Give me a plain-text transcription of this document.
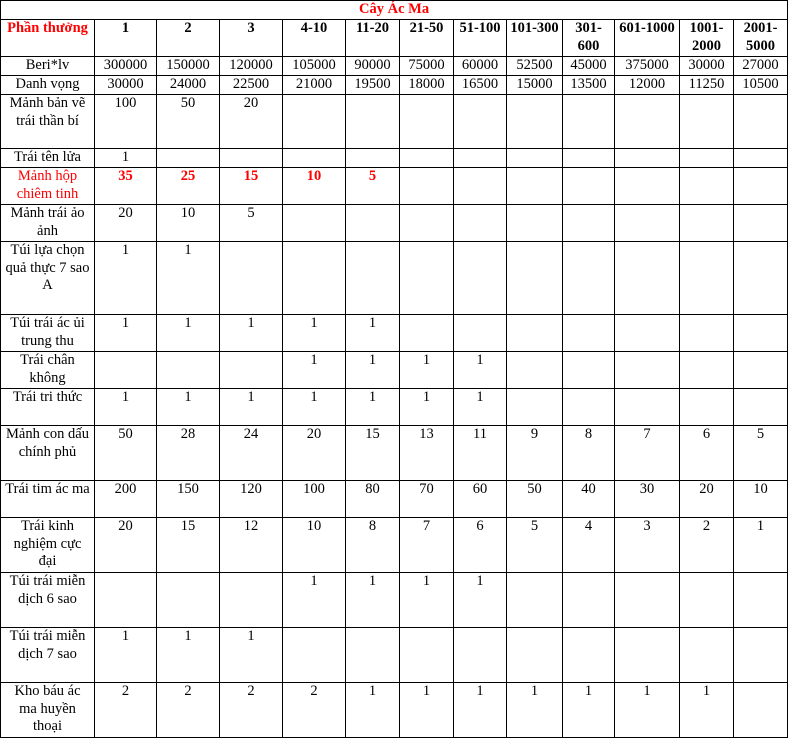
Cây Ác Ma												
Phần thưởng	1	2	3	4-10	11-20	21-50	51-100	101-300	301-600	601-1000	1001-2000	2001-5000
Beri*lv	300000	150000	120000	105000	90000	75000	60000	52500	45000	375000	30000	27000
Danh vọng	30000	24000	22500	21000	19500	18000	16500	15000	13500	12000	11250	10500
Mảnh bản vẽ trái thần bí	100	50	20									
Trái tên lửa	1											
Mảnh hộp chiêm tinh	35	25	15	10	5							
Mảnh trái ảo ảnh	20	10	5									
Túi lựa chọn quả thực 7 sao A	1	1										
Túi trái ác ủi trung thu	1	1	1	1	1							
Trái chân không				1	1	1	1					
Trái tri thức	1	1	1	1	1	1	1					
Mảnh con dấu chính phủ	50	28	24	20	15	13	11	9	8	7	6	5
Trái tim ác ma	200	150	120	100	80	70	60	50	40	30	20	10
Trái kinh nghiệm cực đại	20	15	12	10	8	7	6	5	4	3	2	1
Túi trái miễn dịch 6 sao				1	1	1	1					
Túi trái miễn dịch 7 sao	1	1	1									
Kho báu ác ma huyền thoại	2	2	2	2	1	1	1	1	1	1	1	
